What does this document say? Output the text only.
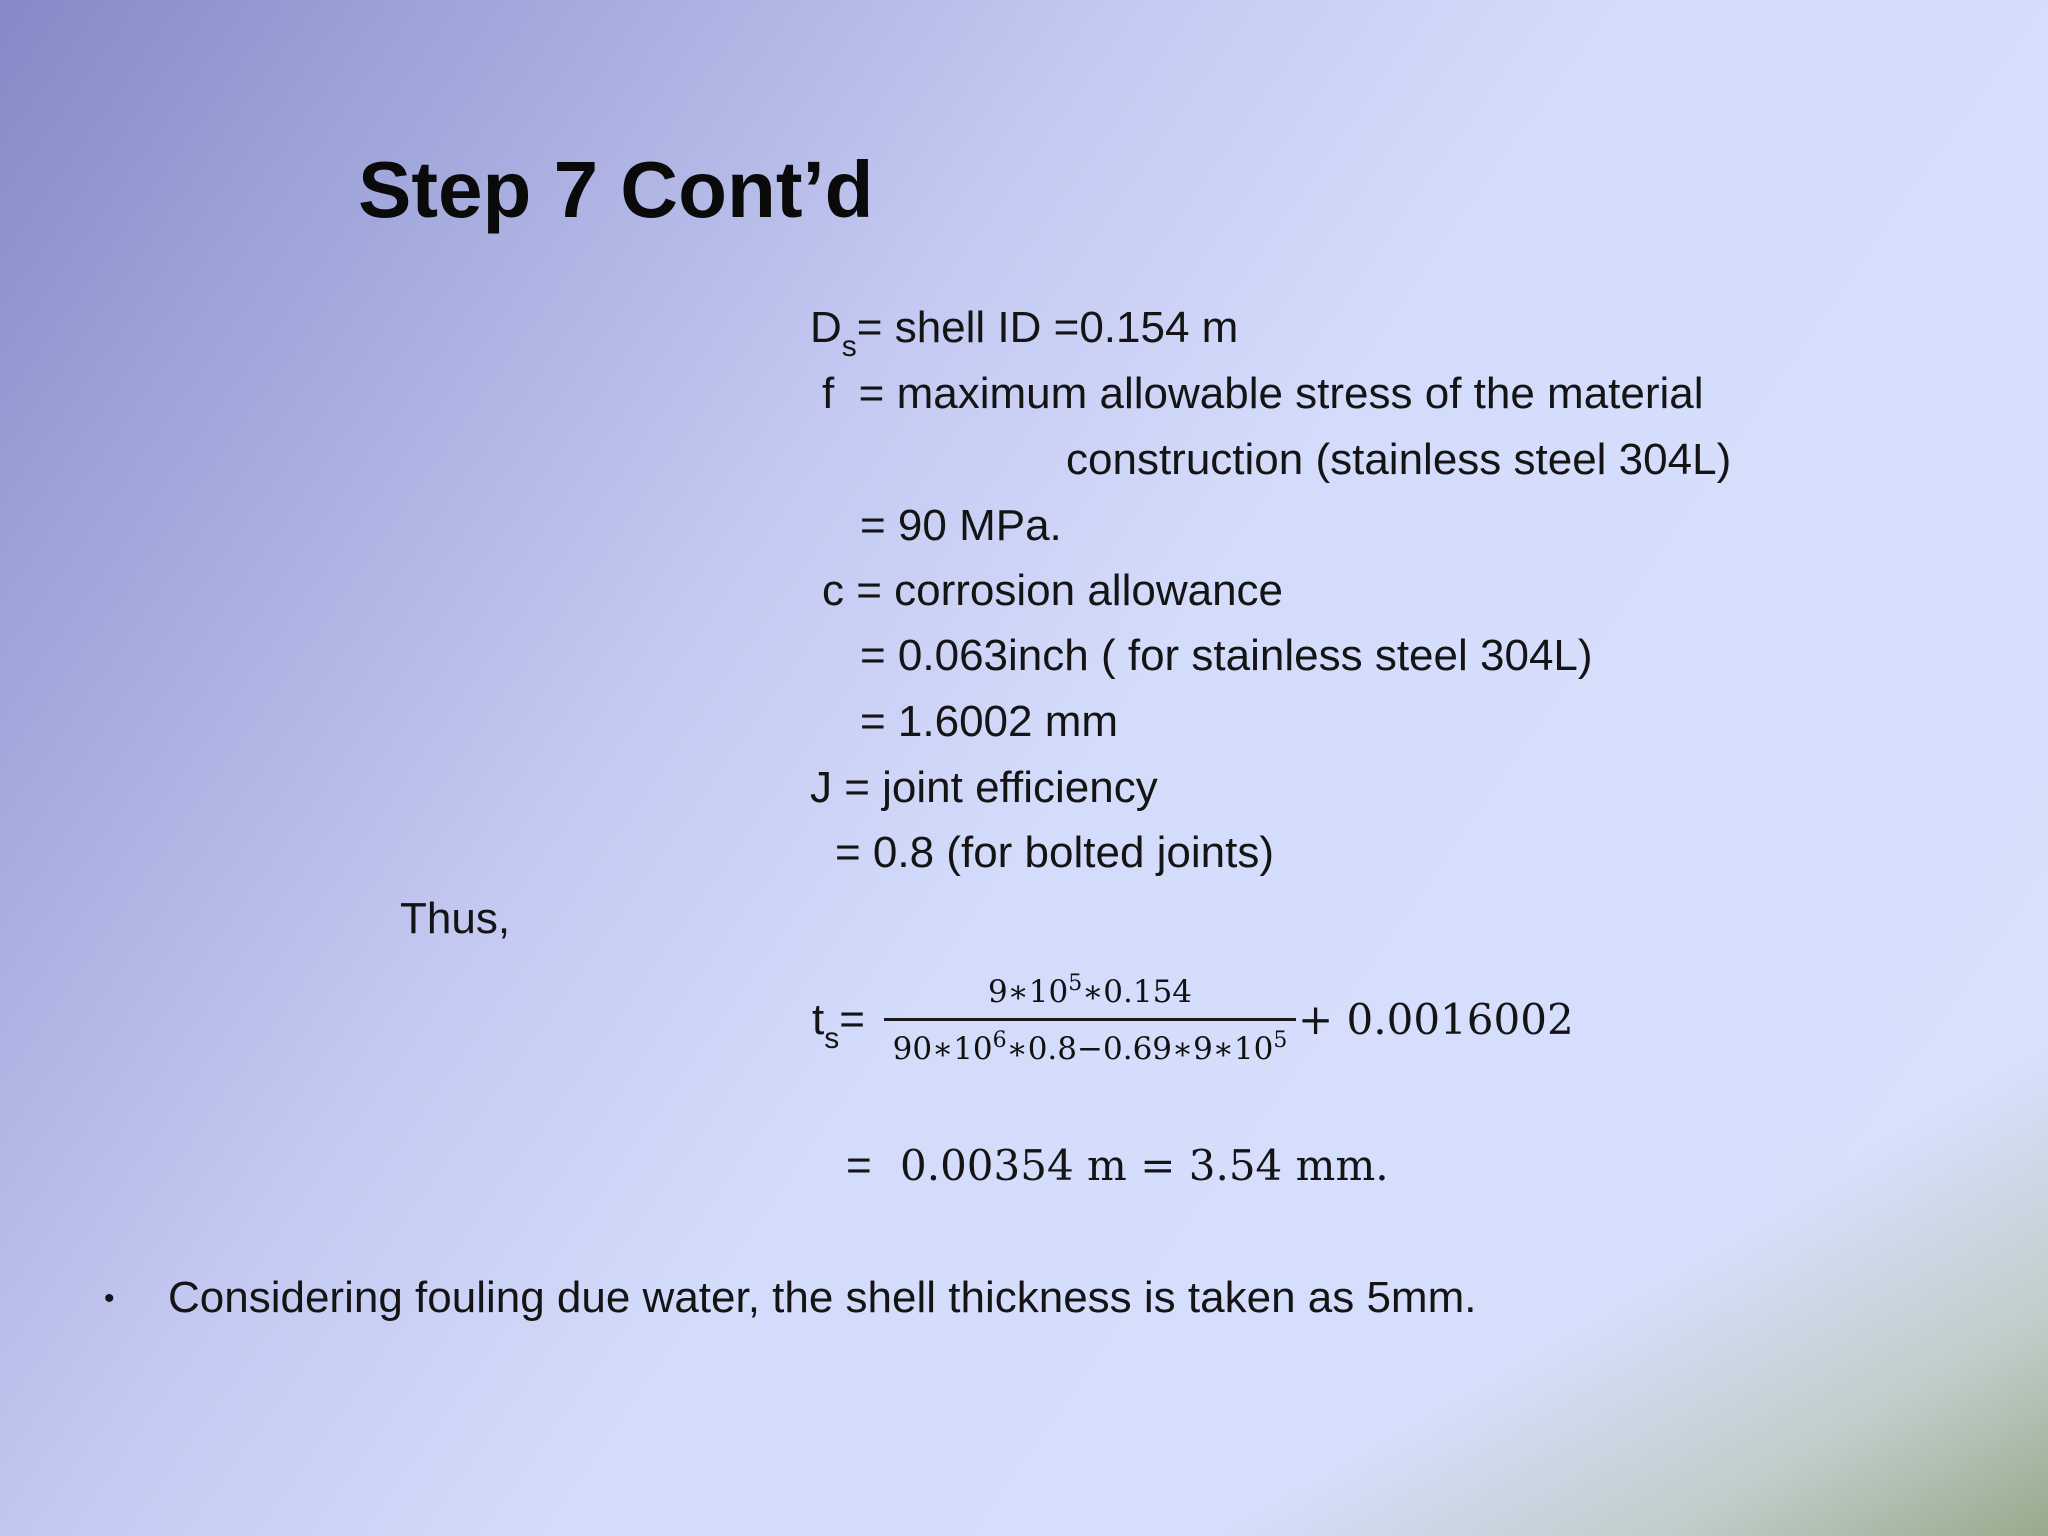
Step 7 Cont’d
$D_s=$ shell ID =0.154 m
f  = maximum allowable stress of the material
construction (stainless steel 304L)
= 90 MPa.
c = corrosion allowance
= 0.063inch ( for stainless steel 304L)
= 1.6002 mm
J = joint efficiency
= 0.8 (for bolted joints)
Thus,
$t_s=$
$9∗10^5∗0.154$
$90∗10^6∗0.8-0.69∗9∗10^5 + 0.0016002$
= 0.00354 m = 3.54 mm.
• Considering fouling due water, the shell thickness is taken as 5mm.
